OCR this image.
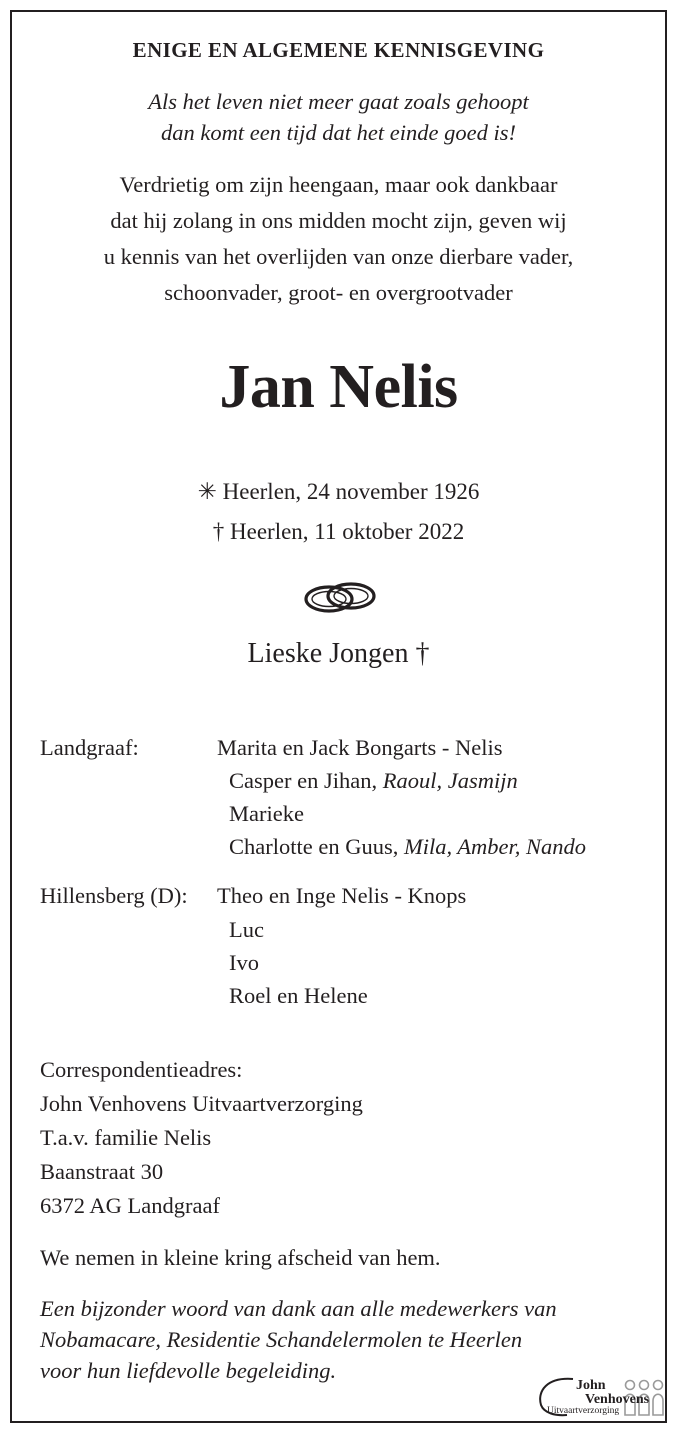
ENIGE EN ALGEMENE KENNISGEVING
Als het leven niet meer gaat zoals gehoopt
dan komt een tijd dat het einde goed is!
Verdrietig om zijn heengaan, maar ook dankbaar
dat hij zolang in ons midden mocht zijn, geven wij
u kennis van het overlijden van onze dierbare vader,
schoonvader, groot- en overgrootvader
Jan Nelis
✳ Heerlen, 24 november 1926
† Heerlen, 11 oktober 2022
Lieske Jongen †
Landgraaf:	Marita en Jack Bongarts - Nelis
Casper en Jihan, Raoul, Jasmijn
Marieke
Charlotte en Guus, Mila, Amber, Nando
Hillensberg (D): Theo en Inge Nelis - Knops
Luc
Ivo
Roel en Helene
Correspondentieadres:
John Venhovens Uitvaartverzorging
T.a.v. familie Nelis
Baanstraat 30
6372 AG Landgraaf
We nemen in kleine kring afscheid van hem.
Een bijzonder woord van dank aan alle medewerkers van
Nobamacare, Residentie Schandelermolen te Heerlen
voor hun liefdevolle begeleiding.
John
Venhovens
Uitvaartverzorging
